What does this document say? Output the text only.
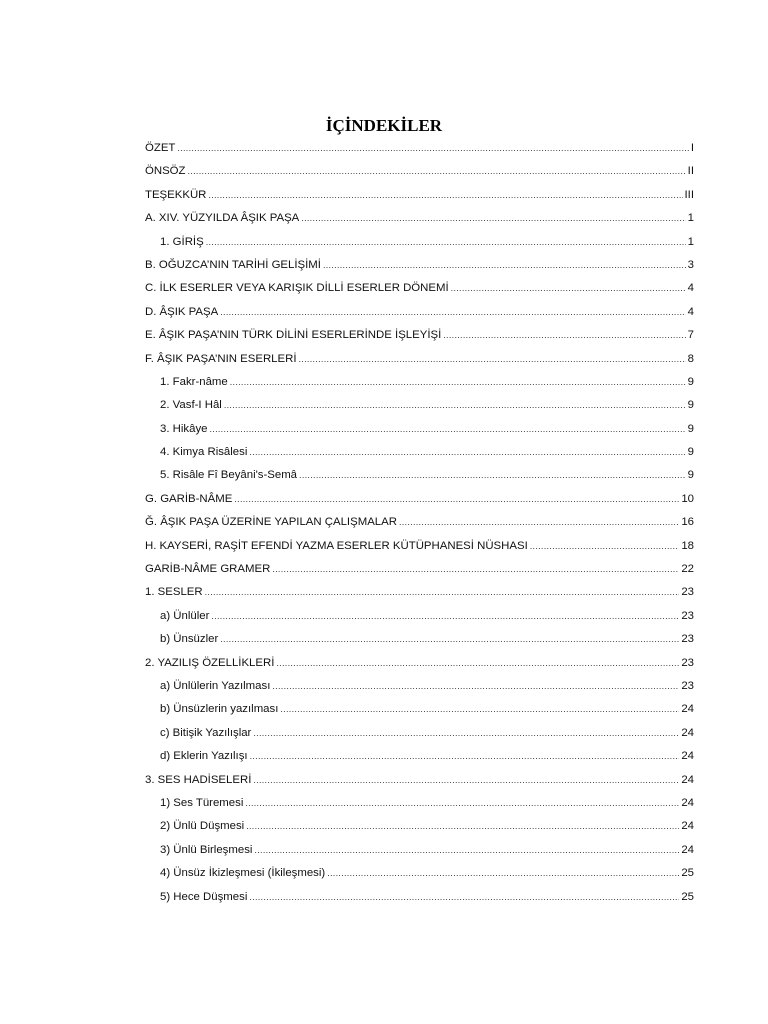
İÇİNDEKİLER
ÖZET .....	I
ÖNSÖZ .....	II
TEŞEKKÜR .....	III
A. XIV. YÜZYILDA ÂŞIK PAŞA .....	1
1. GİRİŞ .....	1
B. OĞUZCA’NIN TARİHİ GELİŞİMİ .....	3
C. İLK ESERLER VEYA KARIŞIK DİLLİ ESERLER DÖNEMİ .....	4
D. ÂŞIK PAŞA .....	4
E. ÂŞIK PAŞA’NIN TÜRK DİLİNİ ESERLERİNDE İŞLEYİŞİ .....	7
F. ÂŞIK PAŞA’NIN ESERLERİ .....	8
1. Fakr-nâme .....	9
2. Vasf-I Hâl .....	9
3. Hikâye .....	9
4. Kimya Risâlesi .....	9
5. Risâle Fî Beyâni's-Semâ .....	9
G. GARİB-NÂME .....	10
Ğ. ÂŞIK PAŞA ÜZERİNE YAPILAN ÇALIŞMALAR .....	16
H. KAYSERİ, RAŞİT EFENDİ YAZMA ESERLER KÜTÜPHANESİ NÜSHASI .....	18
GARİB-NÂME GRAMER .....	22
1. SESLER .....	23
a) Ünlüler .....	23
b) Ünsüzler .....	23
2. YAZILIŞ ÖZELLİKLERİ .....	23
a) Ünlülerin Yazılması .....	23
b) Ünsüzlerin yazılması .....	24
c) Bitişik Yazılışlar .....	24
d) Eklerin Yazılışı .....	24
3. SES HADİSELERİ .....	24
1) Ses Türemesi .....	24
2) Ünlü Düşmesi .....	24
3) Ünlü Birleşmesi .....	24
4) Ünsüz İkizleşmesi (İkileşmesi) .....	25
5) Hece Düşmesi .....	25
